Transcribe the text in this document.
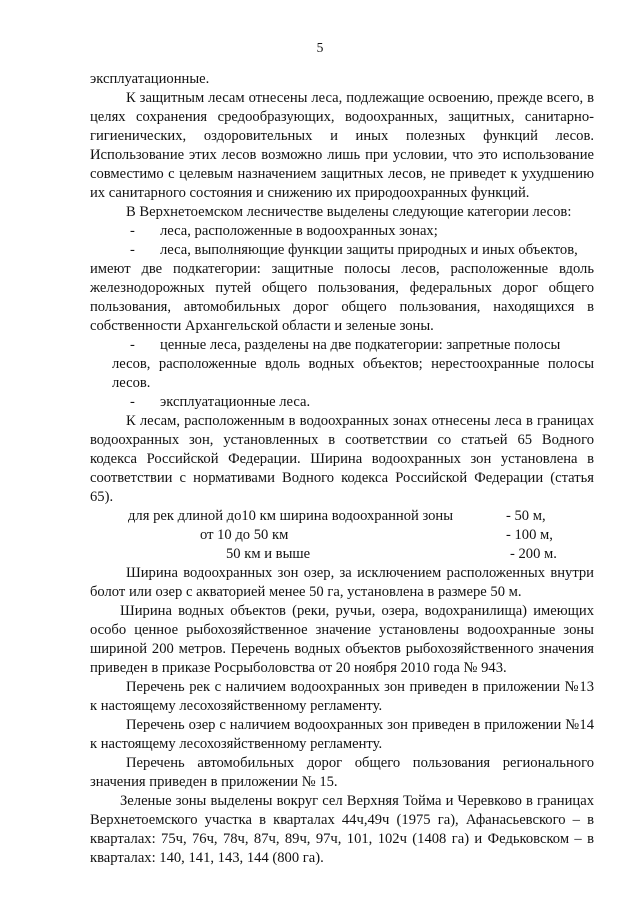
5

эксплуатационные.

К защитным лесам отнесены леса, подлежащие освоению, прежде всего, в целях сохранения средообразующих, водоохранных, защитных, санитарно-гигиенических, оздоровительных и иных полезных функций лесов. Использование этих лесов возможно лишь при условии, что это использование совместимо с целевым назначением защитных лесов, не приведет к ухудшению их санитарного состояния и снижению их природоохранных функций.

В Верхнетоемском лесничестве выделены следующие категории лесов:

-	леса, расположенные в водоохранных зонах;
-	леса, выполняющие функции защиты природных и иных объектов,

имеют две подкатегории: защитные полосы лесов, расположенные вдоль железнодорожных путей общего пользования, федеральных дорог общего пользования, автомобильных дорог общего пользования, находящихся в собственности Архангельской области и зеленые зоны.

-	ценные леса, разделены на две подкатегории: запретные полосы

лесов, расположенные вдоль водных объектов; нерестоохранные полосы лесов.

-	эксплуатационные леса.

К лесам, расположенным в водоохранных зонах отнесены леса в границах водоохранных зон, установленных в соответствии со статьей 65 Водного кодекса Российской Федерации. Ширина водоохранных зон установлена в соответствии с нормативами Водного кодекса Российской Федерации (статья 65).

для рек длиной до10 км ширина водоохранной зоны	- 50 м,
от 10 до 50 км	- 100 м,
50 км и выше	- 200 м.

Ширина водоохранных зон озер, за исключением расположенных внутри болот или озер с акваторией менее 50 га, установлена в размере 50 м.

Ширина водных объектов (реки, ручьи, озера, водохранилища) имеющих особо ценное рыбохозяйственное значение установлены водоохранные зоны шириной 200 метров. Перечень водных объектов рыбохозяйственного значения приведен в приказе Росрыболовства от 20 ноября 2010 года № 943.

Перечень рек с наличием водоохранных зон приведен в приложении №13 к настоящему лесохозяйственному регламенту.

Перечень озер с наличием водоохранных зон приведен в приложении №14 к настоящему лесохозяйственному регламенту.

Перечень автомобильных дорог общего пользования регионального значения приведен в приложении № 15.

Зеленые зоны выделены вокруг сел Верхняя Тойма и Черевково в границах Верхнетоемского участка в кварталах 44ч,49ч (1975 га), Афанасьевского – в кварталах: 75ч, 76ч, 78ч, 87ч, 89ч, 97ч, 101, 102ч (1408 га) и Федьковском – в кварталах: 140, 141, 143, 144 (800 га).
